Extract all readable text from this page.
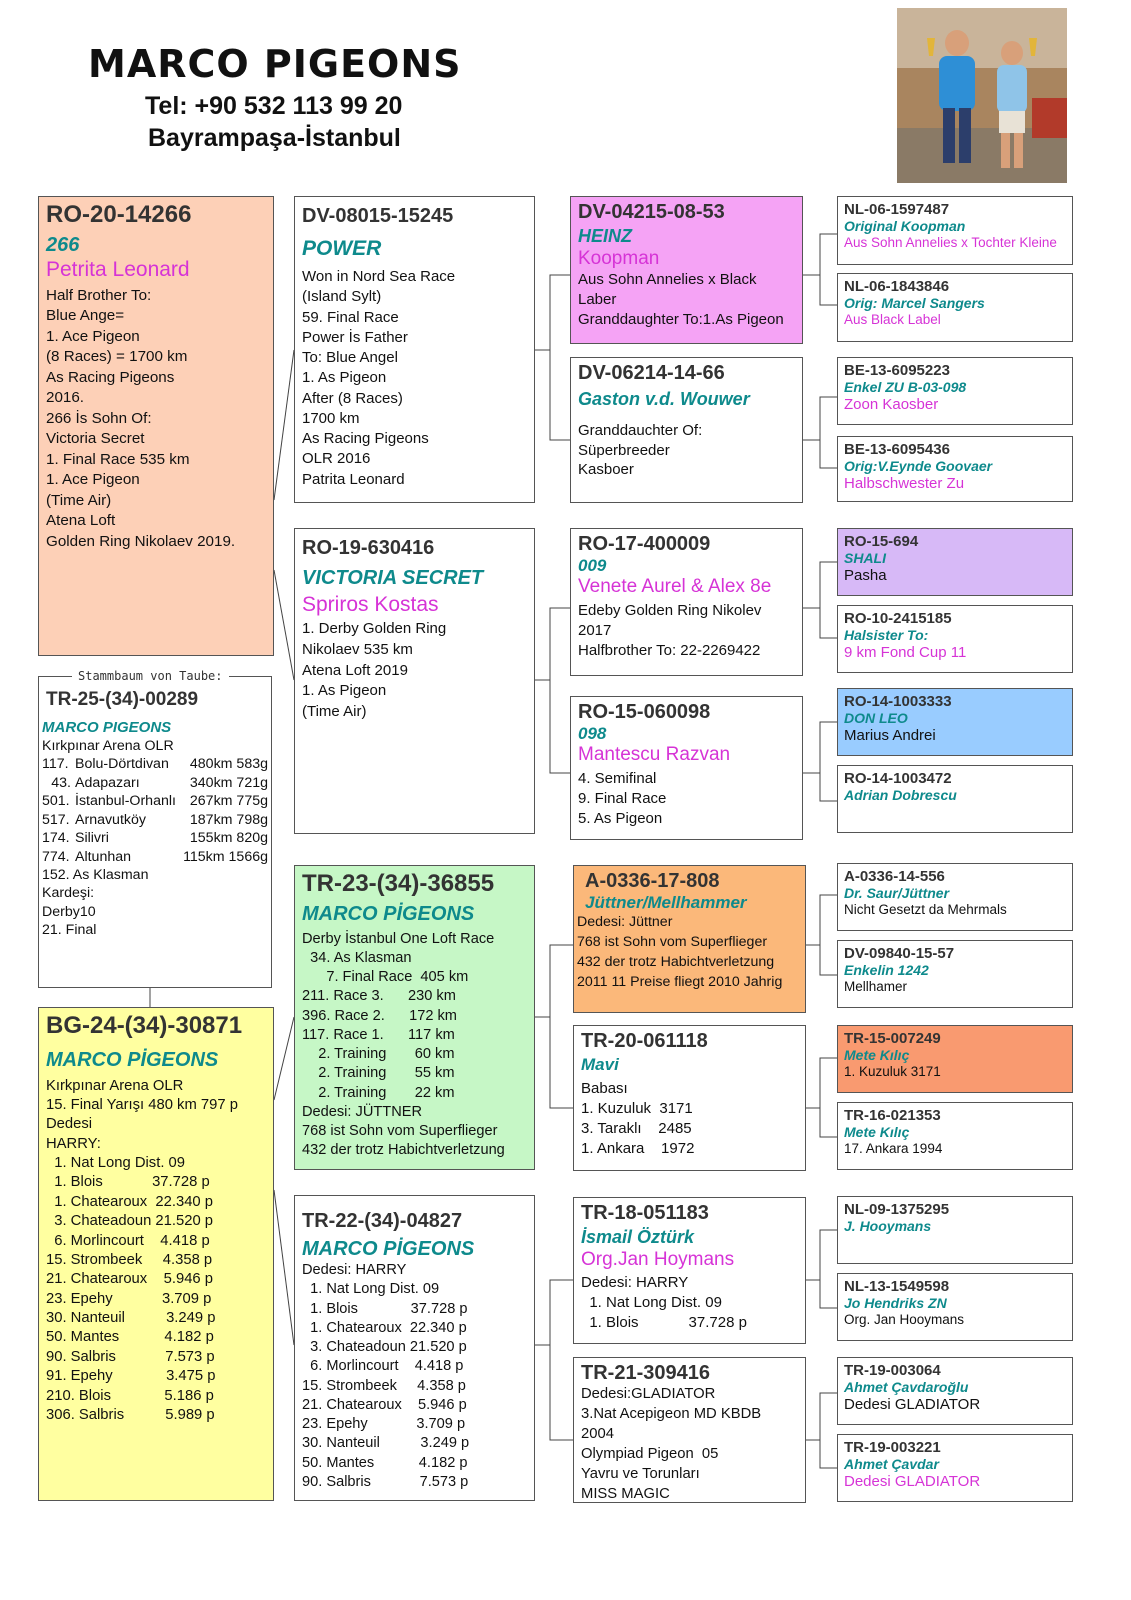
MARCO PIGEONS
Tel: +90 532 113 99 20
Bayrampaşa-İstanbul
RO-20-14266
266
Petrita Leonard
Half Brother To:
Blue Ange=
1. Ace Pigeon
(8 Races) = 1700 km
As Racing Pigeons
2016.
266 İs Sohn Of:
Victoria Secret
1. Final Race 535 km
1. Ace Pigeon
(Time Air)
Atena Loft
Golden Ring Nikolaev 2019.
TR-25-(34)-00289
MARCO PIGEONS
Kırkpınar Arena OLR
117. Bolu-Dörtdivan	480km 583g
43. Adapazarı	340km 721g
501. İstanbul-Orhanlı 267km 775g
517. Arnavutköy	187km 798g
174. Silivri	155km 820g
774. Altunhan	115km 1566g
152. As Klasman
Kardeşi:
Derby10
21. Final
Stammbaum von Taube:
BG-24-(34)-30871
MARCO PİGEONS
Kırkpınar Arena OLR
15. Final Yarışı 480 km 797 p
Dedesi
HARRY:
1. Nat Long Dist. 09
1. Blois            37.728 p
1. Chatearoux  22.340 p
3. Chateadoun 21.520 p
6. Morlincourt    4.418 p
15. Strombeek     4.358 p
21. Chatearoux    5.946 p
23. Epehy            3.709 p
30. Nanteuil          3.249 p
50. Mantes           4.182 p
90. Salbris            7.573 p
91. Epehy             3.475 p
210. Blois             5.186 p
306. Salbris          5.989 p
DV-08015-15245
POWER
Won in Nord Sea Race
(Island Sylt)
59. Final Race
Power İs Father
To: Blue Angel
1. As Pigeon
After (8 Races)
1700 km
As Racing Pigeons
OLR 2016
Patrita Leonard
RO-19-630416
VICTORIA SECRET
Spriros Kostas
1. Derby Golden Ring
Nikolaev 535 km
Atena Loft 2019
1. As Pigeon
(Time Air)
TR-23-(34)-36855
MARCO PİGEONS
Derby İstanbul One Loft Race
34. As Klasman
7. Final Race  405 km
211. Race 3.      230 km
396. Race 2.      172 km
117. Race 1.      117 km
2. Training       60 km
2. Training       55 km
2. Training       22 km
Dedesi: JÜTTNER
768 ist Sohn vom Superflieger
432 der trotz Habichtverletzung
TR-22-(34)-04827
MARCO PİGEONS
Dedesi: HARRY
1. Nat Long Dist. 09
1. Blois             37.728 p
1. Chatearoux  22.340 p
3. Chateadoun 21.520 p
6. Morlincourt    4.418 p
15. Strombeek     4.358 p
21. Chatearoux    5.946 p
23. Epehy            3.709 p
30. Nanteuil          3.249 p
50. Mantes           4.182 p
90. Salbris            7.573 p
DV-04215-08-53
HEINZ
Koopman
Aus Sohn Annelies x Black
Laber
Granddaughter To:1.As Pigeon
DV-06214-14-66
Gaston v.d. Wouwer
Granddauchter Of:
Süperbreeder
Kasboer
RO-17-400009
009
Venete Aurel & Alex 8e
Edeby Golden Ring Nikolev
2017
Halfbrother To: 22-2269422
RO-15-060098
098
Mantescu Razvan
4. Semifinal
9. Final Race
5. As Pigeon
A-0336-17-808
Jüttner/Mellhammer
Dedesi: Jüttner
768 ist Sohn vom Superflieger
432 der trotz Habichtverletzung
2011 11 Preise fliegt 2010 Jahrig
TR-20-061118
Mavi
Babası
1. Kuzuluk  3171
3. Taraklı    2485
1. Ankara    1972
TR-18-051183
İsmail Öztürk
Org.Jan Hoymans
Dedesi: HARRY
1. Nat Long Dist. 09
1. Blois            37.728 p
TR-21-309416
Dedesi:GLADIATOR
3.Nat Acepigeon MD KBDB
2004
Olympiad Pigeon  05
Yavru ve Torunları
MISS MAGIC
NL-06-1597487
Original Koopman
Aus Sohn Annelies x Tochter Kleine
NL-06-1843846
Orig: Marcel Sangers
Aus Black Label
BE-13-6095223
Enkel ZU B-03-098
Zoon Kaosber
BE-13-6095436
Orig:V.Eynde Goovaer
Halbschwester Zu
RO-15-694
SHALI
Pasha
RO-10-2415185
Halsister To:
9 km Fond Cup 11
RO-14-1003333
DON LEO
Marius Andrei
RO-14-1003472
Adrian Dobrescu
A-0336-14-556
Dr. Saur/Jüttner
Nicht Gesetzt da Mehrmals
DV-09840-15-57
Enkelin 1242
Mellhamer
TR-15-007249
Mete Kılıç
1. Kuzuluk 3171
TR-16-021353
Mete Kılıç
17. Ankara 1994
NL-09-1375295
J. Hooymans
NL-13-1549598
Jo Hendriks ZN
Org. Jan Hooymans
TR-19-003064
Ahmet Çavdaroğlu
Dedesi GLADIATOR
TR-19-003221
Ahmet Çavdar
Dedesi GLADIATOR
